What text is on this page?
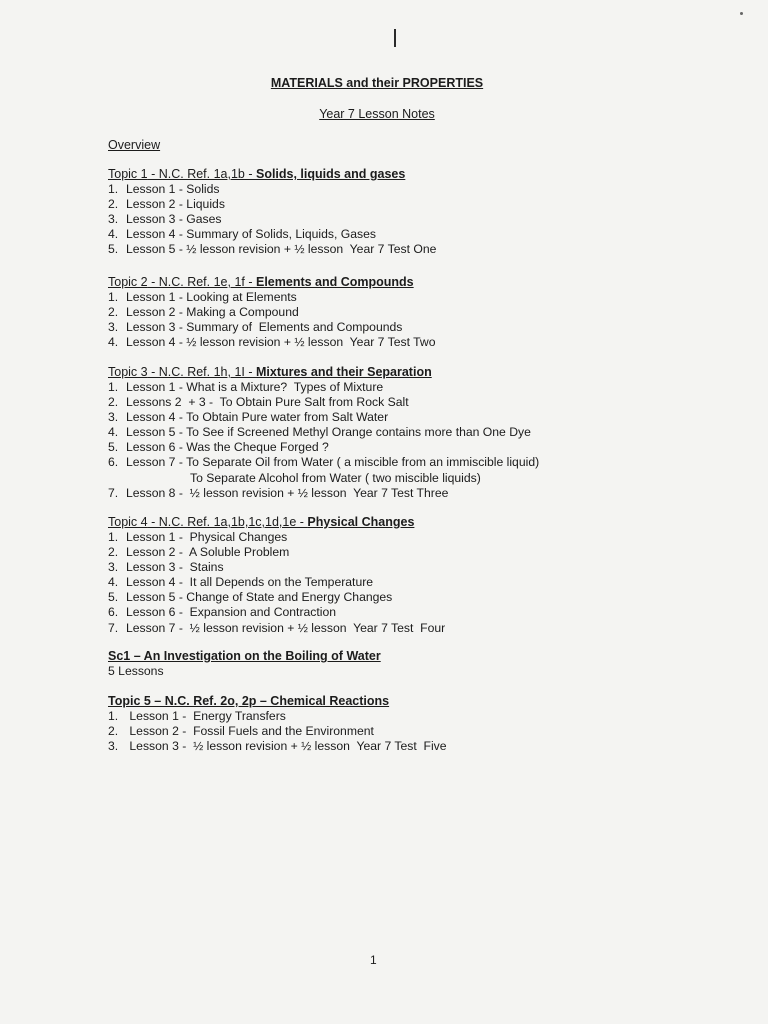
MATERIALS and their PROPERTIES
Year 7 Lesson Notes
Overview
Topic 1 - N.C. Ref. 1a,1b - Solids, liquids and gases
1. Lesson 1 - Solids
2. Lesson 2 - Liquids
3. Lesson 3 - Gases
4. Lesson 4 - Summary of Solids, Liquids, Gases
5. Lesson 5 - ½ lesson revision + ½ lesson  Year 7 Test One
Topic 2 - N.C. Ref. 1e, 1f - Elements and Compounds
1. Lesson 1 - Looking at Elements
2. Lesson 2 - Making a Compound
3. Lesson 3 - Summary of  Elements and Compounds
4. Lesson 4 - ½ lesson revision + ½ lesson  Year 7 Test Two
Topic 3 - N.C. Ref. 1h, 1I - Mixtures and their Separation
1. Lesson 1 - What is a Mixture?  Types of Mixture
2. Lessons 2  + 3 -  To Obtain Pure Salt from Rock Salt
3. Lesson 4 - To Obtain Pure water from Salt Water
4. Lesson 5 - To See if Screened Methyl Orange contains more than One Dye
5. Lesson 6 - Was the Cheque Forged ?
6. Lesson 7 - To Separate Oil from Water ( a miscible from an immiscible liquid)
To Separate Alcohol from Water ( two miscible liquids)
7. Lesson 8 -  ½ lesson revision + ½ lesson  Year 7 Test Three
Topic 4 - N.C. Ref. 1a,1b,1c,1d,1e - Physical Changes
1. Lesson 1 -  Physical Changes
2. Lesson 2 -  A Soluble Problem
3. Lesson 3 -  Stains
4. Lesson 4 -  It all Depends on the Temperature
5. Lesson 5 - Change of State and Energy Changes
6. Lesson 6 -  Expansion and Contraction
7. Lesson 7 -  ½ lesson revision + ½ lesson  Year 7 Test  Four
Sc1 – An Investigation on the Boiling of Water
5 Lessons
Topic 5 – N.C. Ref. 2o, 2p – Chemical Reactions
1. Lesson 1 -  Energy Transfers
2. Lesson 2 -  Fossil Fuels and the Environment
3. Lesson 3 -  ½ lesson revision + ½ lesson  Year 7 Test  Five
1
